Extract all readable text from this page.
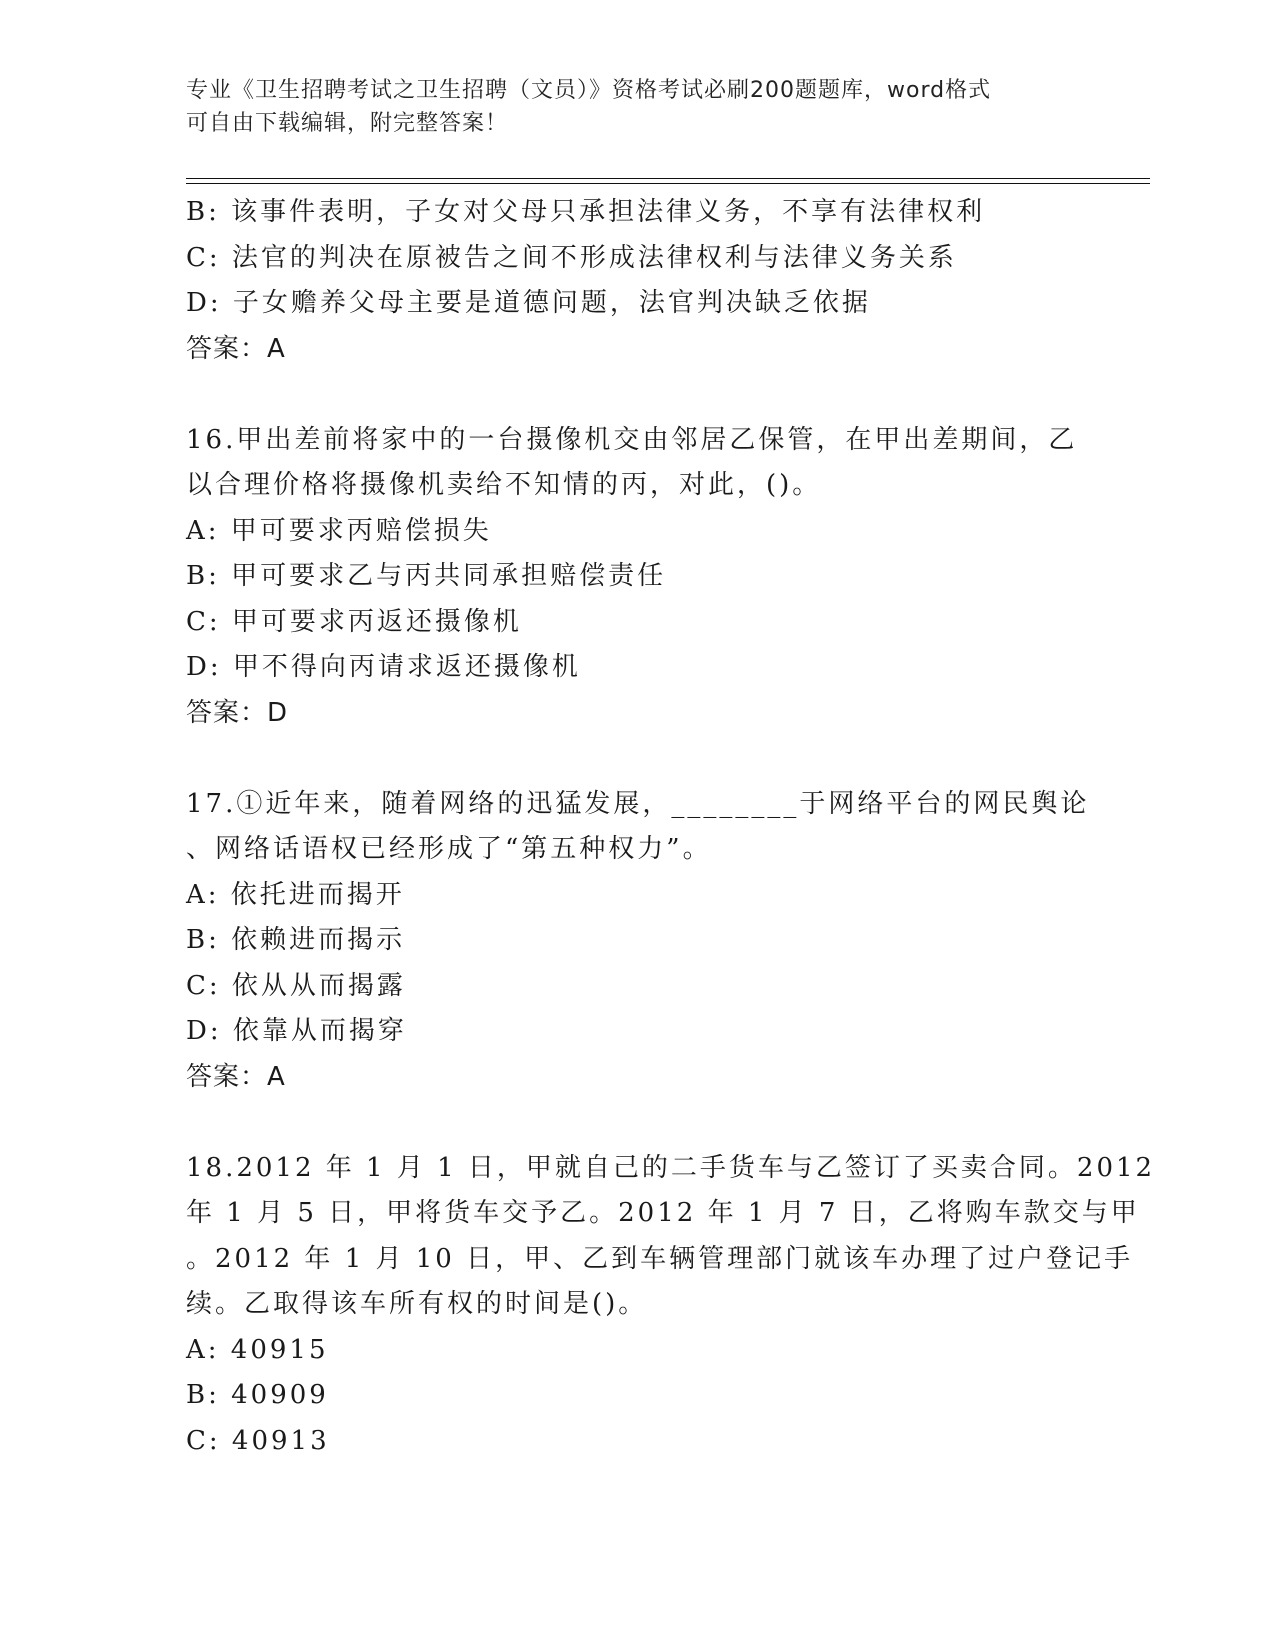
专业《卫生招聘考试之卫生招聘（文员）》资格考试必刷200题题库，word格式
可自由下载编辑，附完整答案！
B: 该事件表明，子女对父母只承担法律义务，不享有法律权利
C: 法官的判决在原被告之间不形成法律权利与法律义务关系
D: 子女赡养父母主要是道德问题，法官判决缺乏依据
答案：A
16.甲出差前将家中的一台摄像机交由邻居乙保管，在甲出差期间，乙
以合理价格将摄像机卖给不知情的丙，对此，()。
A: 甲可要求丙赔偿损失
B: 甲可要求乙与丙共同承担赔偿责任
C: 甲可要求丙返还摄像机
D: 甲不得向丙请求返还摄像机
答案：D
17.①近年来，随着网络的迅猛发展，________于网络平台的网民舆论
、网络话语权已经形成了“第五种权力”。
A: 依托进而揭开
B: 依赖进而揭示
C: 依从从而揭露
D: 依靠从而揭穿
答案：A
18.2012 年 1 月 1 日，甲就自己的二手货车与乙签订了买卖合同。2012
年 1 月 5 日，甲将货车交予乙。2012 年 1 月 7 日，乙将购车款交与甲
。2012 年 1 月 10 日，甲、乙到车辆管理部门就该车办理了过户登记手
续。乙取得该车所有权的时间是()。
A: 40915
B: 40909
C: 40913
